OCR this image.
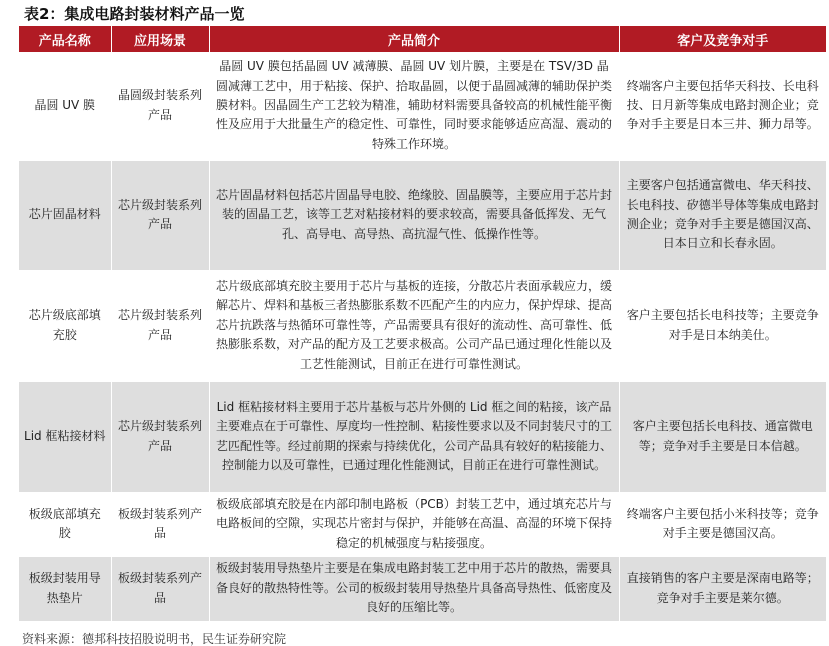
表2：集成电路封装材料产品一览
产品名称	应用场景	产品简介	客户及竞争对手
晶圆 UV 膜	晶圆级封装系列产品	晶圆 UV 膜包括晶圆 UV 减薄膜、晶圆 UV 划片膜，主要是在 TSV/3D 晶圆减薄工艺中，用于粘接、保护、拾取晶圆，以便于晶圆减薄的辅助保护类膜材料。因晶圆生产工艺较为精准，辅助材料需要具备较高的机械性能平衡性及应用于大批量生产的稳定性、可靠性，同时要求能够适应高湿、震动的特殊工作环境。	终端客户主要包括华天科技、长电科技、日月新等集成电路封测企业；竞争对手主要是日本三井、狮力昂等。
芯片固晶材料	芯片级封装系列产品	芯片固晶材料包括芯片固晶导电胶、绝缘胶、固晶膜等，主要应用于芯片封装的固晶工艺，该等工艺对粘接材料的要求较高，需要具备低挥发、无气孔、高导电、高导热、高抗湿气性、低操作性等。	主要客户包括通富微电、华天科技、长电科技、矽德半导体等集成电路封测企业；竞争对手主要是德国汉高、日本日立和长春永固。
芯片级底部填充胶	芯片级封装系列产品	芯片级底部填充胶主要用于芯片与基板的连接，分散芯片表面承载应力，缓解芯片、焊料和基板三者热膨胀系数不匹配产生的内应力，保护焊球、提高芯片抗跌落与热循环可靠性等，产品需要具有很好的流动性、高可靠性、低热膨胀系数，对产品的配方及工艺要求极高。公司产品已通过理化性能以及工艺性能测试，目前正在进行可靠性测试。	客户主要包括长电科技等；主要竞争对手是日本纳美仕。
Lid 框粘接材料	芯片级封装系列产品	Lid 框粘接材料主要用于芯片基板与芯片外侧的 Lid 框之间的粘接，该产品主要难点在于可靠性、厚度均一性控制、粘接性要求以及不同封装尺寸的工艺匹配性等。经过前期的探索与持续优化，公司产品具有较好的粘接能力、控制能力以及可靠性，已通过理化性能测试，目前正在进行可靠性测试。	客户主要包括长电科技、通富微电等；竞争对手主要是日本信越。
板级底部填充胶	板级封装系列产品	板级底部填充胶是在内部印制电路板（PCB）封装工艺中，通过填充芯片与电路板间的空隙，实现芯片密封与保护，并能够在高温、高湿的环境下保持稳定的机械强度与粘接强度。	终端客户主要包括小米科技等；竞争对手主要是德国汉高。
板级封装用导热垫片	板级封装系列产品	板级封装用导热垫片主要是在集成电路封装工艺中用于芯片的散热，需要具备良好的散热特性等。公司的板级封装用导热垫片具备高导热性、低密度及良好的压缩比等。	直接销售的客户主要是深南电路等；竞争对手主要是莱尔德。
资料来源：德邦科技招股说明书，民生证券研究院
